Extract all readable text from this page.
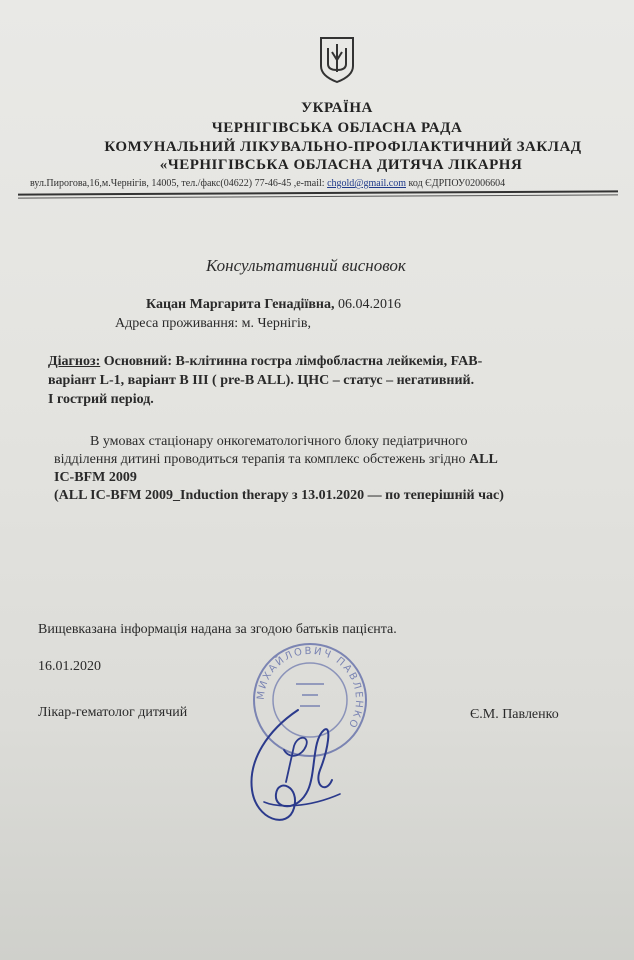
УКРАЇНА
ЧЕРНІГІВСЬКА ОБЛАСНА РАДА
КОМУНАЛЬНИЙ ЛІКУВАЛЬНО-ПРОФІЛАКТИЧНИЙ ЗАКЛАД
«ЧЕРНІГІВСЬКА ОБЛАСНА ДИТЯЧА ЛІКАРНЯ
вул.Пирогова,16,м.Чернігів, 14005, тел./факс(04622) 77-46-45 ,е-mail: chgold@gmail.com код ЄДРПОУ02006604
Консультативний висновок
Кацан Маргарита Генадіївна, 06.04.2016
Адреса проживання: м. Чернігів,
Діагноз: Основний: В-клітинна гостра лімфобластна лейкемія, FAB-
варіант L-1, варіант В ІІІ ( pre-B ALL). ЦНС – статус – негативний.
І гострий період.
В умовах стаціонару онкогематологічного блоку педіатричного
відділення дитині проводиться терапія та комплекс обстежень згідно ALL
IC-BFM 2009
(ALL IC-BFM 2009_Induction therapy з 13.01.2020 — по теперішній час)
Вищевказана інформація надана за згодою батьків пацієнта.
16.01.2020
Лікар-гематолог дитячий	Є.М. Павленко
МИХАЙЛОВИЧ ПАВЛЕНКО
